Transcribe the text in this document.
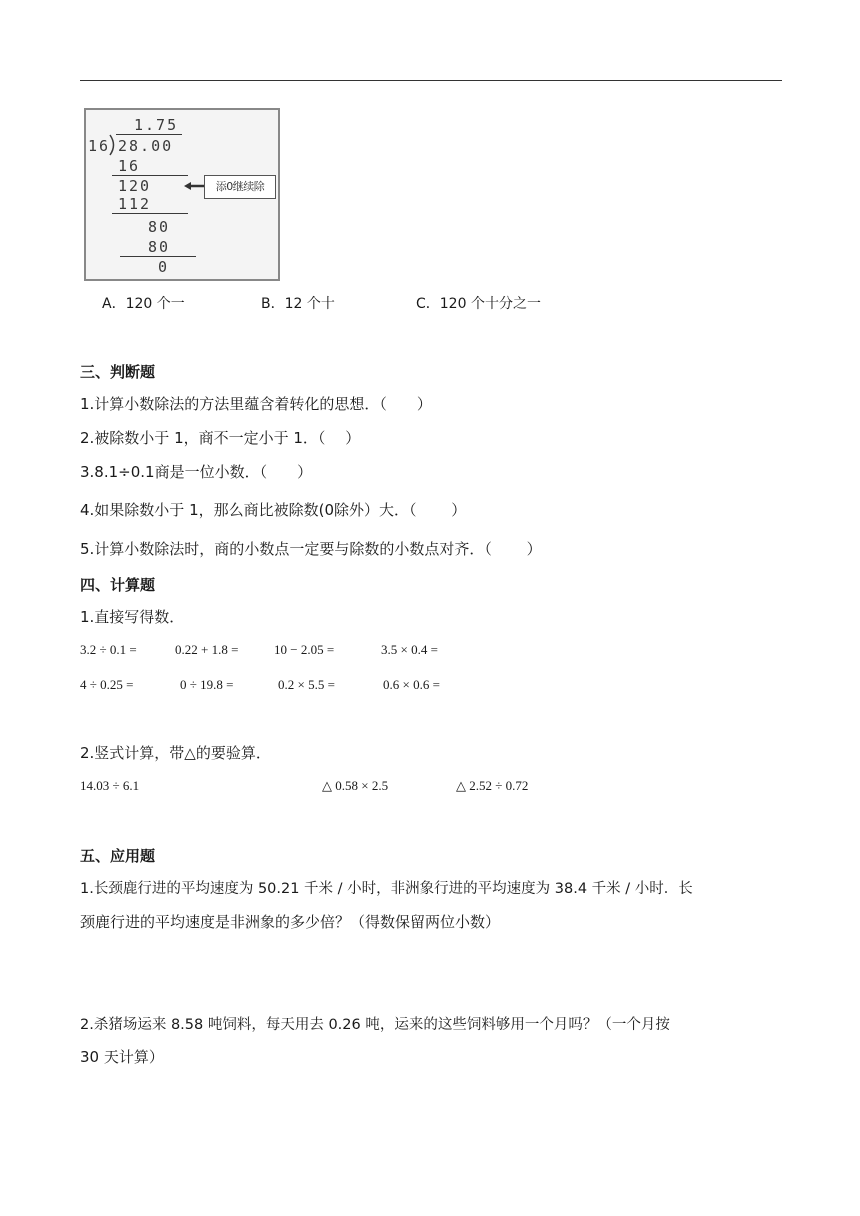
1.75
16 28.00
16
120
112
80
80
0
添0继续除
A．120 个一	B．12 个十	C．120 个十分之一
三、判断题
1.计算小数除法的方法里蕴含着转化的思想．（　　）
2.被除数小于 1，商不一定小于 1．（　 ）
3.8.1÷0.1商是一位小数．（　　）
4.如果除数小于 1，那么商比被除数(0除外）大．（　　 ）
5.计算小数除法时，商的小数点一定要与除数的小数点对齐．（　　 ）
四、计算题
1.直接写得数．
3.2 ÷ 0.1 =	0.22 + 1.8 =	10 − 2.05 =	3.5 × 0.4 =
4 ÷ 0.25 =	0 ÷ 19.8 =	0.2 × 5.5 =	0.6 × 0.6 =
2.竖式计算，带△的要验算．
14.03 ÷ 6.1	△ 0.58 × 2.5	△ 2.52 ÷ 0.72
五、应用题
1.长颈鹿行进的平均速度为 50.21 千米 / 小时，非洲象行进的平均速度为 38.4 千米 / 小时．长
颈鹿行进的平均速度是非洲象的多少倍？（得数保留两位小数）
2.杀猪场运来 8.58 吨饲料，每天用去 0.26 吨，运来的这些饲料够用一个月吗？（一个月按
30 天计算）
